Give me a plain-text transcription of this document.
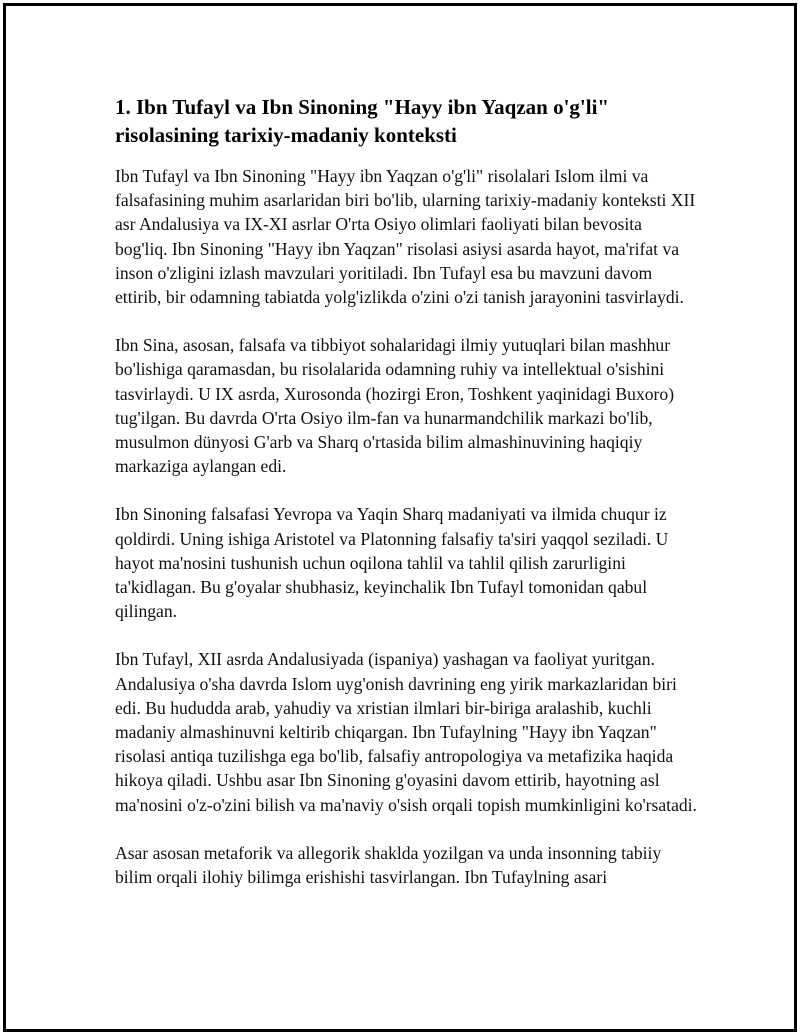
1. Ibn Tufayl va Ibn Sinoning "Hayy ibn Yaqzan o'g'li" risolasining tarixiy-madaniy konteksti

Ibn Tufayl va Ibn Sinoning "Hayy ibn Yaqzan o'g'li" risolalari Islom ilmi va falsafasining muhim asarlaridan biri bo'lib, ularning tarixiy-madaniy konteksti XII asr Andalusiya va IX-XI asrlar O'rta Osiyo olimlari faoliyati bilan bevosita bog'liq. Ibn Sinoning "Hayy ibn Yaqzan" risolasi asiysi asarda hayot, ma'rifat va inson o'zligini izlash mavzulari yoritiladi. Ibn Tufayl esa bu mavzuni davom ettirib, bir odamning tabiatda yolg'izlikda o'zini o'zi tanish jarayonini tasvirlaydi.

Ibn Sina, asosan, falsafa va tibbiyot sohalaridagi ilmiy yutuqlari bilan mashhur bo'lishiga qaramasdan, bu risolalarida odamning ruhiy va intellektual o'sishini tasvirlaydi. U IX asrda, Xurosonda (hozirgi Eron, Toshkent yaqinidagi Buxoro) tug'ilgan. Bu davrda O'rta Osiyo ilm-fan va hunarmandchilik markazi bo'lib, musulmon dünyosi G'arb va Sharq o'rtasida bilim almashinuvining haqiqiy markaziga aylangan edi.

Ibn Sinoning falsafasi Yevropa va Yaqin Sharq madaniyati va ilmida chuqur iz qoldirdi. Uning ishiga Aristotel va Platonning falsafiy ta'siri yaqqol seziladi. U hayot ma'nosini tushunish uchun oqilona tahlil va tahlil qilish zarurligini ta'kidlagan. Bu g'oyalar shubhasiz, keyinchalik Ibn Tufayl tomonidan qabul qilingan.

Ibn Tufayl, XII asrda Andalusiyada (ispaniya) yashagan va faoliyat yuritgan. Andalusiya o'sha davrda Islom uyg'onish davrining eng yirik markazlaridan biri edi. Bu hududda arab, yahudiy va xristian ilmlari bir-biriga aralashib, kuchli madaniy almashinuvni keltirib chiqargan. Ibn Tufaylning "Hayy ibn Yaqzan" risolasi antiqa tuzilishga ega bo'lib, falsafiy antropologiya va metafizika haqida hikoya qiladi. Ushbu asar Ibn Sinoning g'oyasini davom ettirib, hayotning asl ma'nosini o'z-o'zini bilish va ma'naviy o'sish orqali topish mumkinligini ko'rsatadi.

Asar asosan metaforik va allegorik shaklda yozilgan va unda insonning tabiiy bilim orqali ilohiy bilimga erishishi tasvirlangan. Ibn Tufaylning asari
